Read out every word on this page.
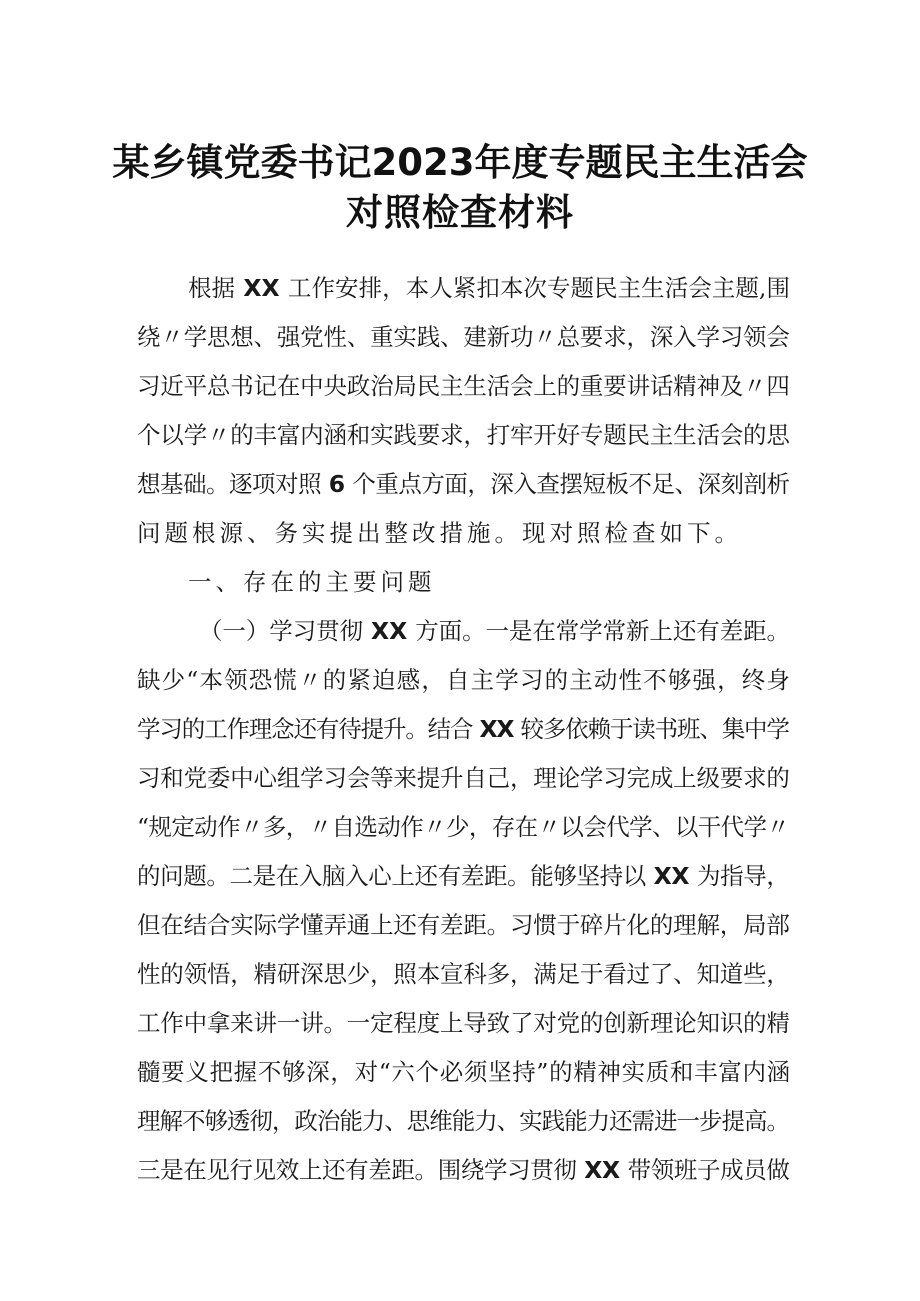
某乡镇党委书记2023年度专题民主生活会
对照检查材料
根据 XX 工作安排，本人紧扣本次专题民主生活会主题,围
绕〃学思想、强党性、重实践、建新功〃总要求，深入学习领会
习近平总书记在中央政治局民主生活会上的重要讲话精神及〃四
个以学〃的丰富内涵和实践要求，打牢开好专题民主生活会的思
想基础。逐项对照 6 个重点方面，深入查摆短板不足、深刻剖析
问题根源、务实提出整改措施。现对照检查如下。
一、存在的主要问题
（一）学习贯彻 XX 方面。一是在常学常新上还有差距。
缺少“本领恐慌〃的紧迫感，自主学习的主动性不够强，终身
学习的工作理念还有待提升。结合 XX 较多依赖于读书班、集中学
习和党委中心组学习会等来提升自己，理论学习完成上级要求的
“规定动作〃多，〃自选动作〃少，存在〃以会代学、以干代学〃
的问题。二是在入脑入心上还有差距。能够坚持以 XX 为指导，
但在结合实际学懂弄通上还有差距。习惯于碎片化的理解，局部
性的领悟，精研深思少，照本宣科多，满足于看过了、知道些，
工作中拿来讲一讲。一定程度上导致了对党的创新理论知识的精
髓要义把握不够深，对“六个必须坚持”的精神实质和丰富内涵
理解不够透彻，政治能力、思维能力、实践能力还需进一步提高。
三是在见行见效上还有差距。围绕学习贯彻 XX 带领班子成员做
